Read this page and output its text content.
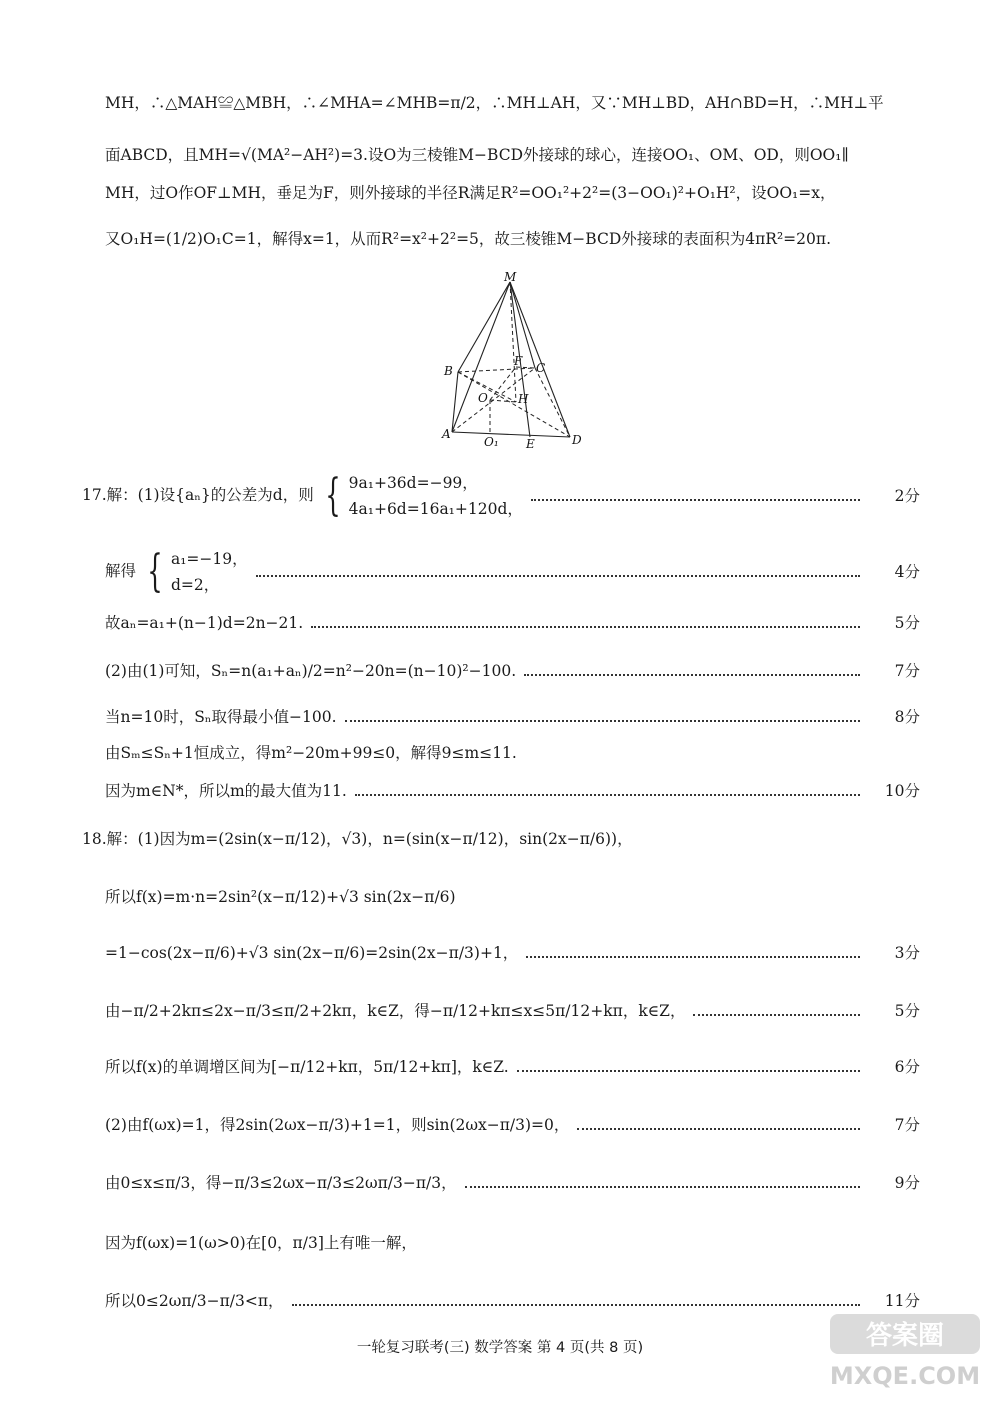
MH，∴△MAH≌△MBH，∴∠MHA=∠MHB=π/2，∴MH⊥AH，又∵MH⊥BD，AH∩BD=H，∴MH⊥平
面ABCD，且MH=√(MA²−AH²)=3.设O为三棱锥M−BCD外接球的球心，连接OO₁、OM、OD，则OO₁∥
MH，过O作OF⊥MH，垂足为F，则外接球的半径R满足R²=OO₁²+2²=(3−OO₁)²+O₁H²，设OO₁=x，
又O₁H=(1/2)O₁C=1，解得x=1，从而R²=x²+2²=5，故三棱锥M−BCD外接球的表面积为4πR²=20π.
M
B	C
F
O	H
A
O₁ E	D
17.解：(1)设{aₙ}的公差为d，则 { 9a₁+36d=−99，
4a₁+6d=16a₁+120d，
2分
解得 { a₁=−19，
d=2，
4分
故aₙ=a₁+(n−1)d=2n−21.	5分
(2)由(1)可知，Sₙ=n(a₁+aₙ)/2=n²−20n=(n−10)²−100.	7分
当n=10时，Sₙ取得最小值−100.	8分
由Sₘ≤Sₙ+1恒成立，得m²−20m+99≤0，解得9≤m≤11.
因为m∈N*，所以m的最大值为11.	10分
18.解：(1)因为m=(2sin(x−π/12)，√3)，n=(sin(x−π/12)，sin(2x−π/6))，
所以f(x)=m·n=2sin²(x−π/12)+√3 sin(2x−π/6)
=1−cos(2x−π/6)+√3 sin(2x−π/6)=2sin(2x−π/3)+1，	3分
由−π/2+2kπ≤2x−π/3≤π/2+2kπ，k∈Z，得−π/12+kπ≤x≤5π/12+kπ，k∈Z，	5分
所以f(x)的单调增区间为[−π/12+kπ，5π/12+kπ]，k∈Z.	6分
(2)由f(ωx)=1，得2sin(2ωx−π/3)+1=1，则sin(2ωx−π/3)=0，	7分
由0≤x≤π/3，得−π/3≤2ωx−π/3≤2ωπ/3−π/3，	9分
因为f(ωx)=1(ω>0)在[0，π/3]上有唯一解，
所以0≤2ωπ/3−π/3<π，	11分
一轮复习联考(三) 数学答案 第 4 页(共 8 页)	答案圈
MXQE.COM
